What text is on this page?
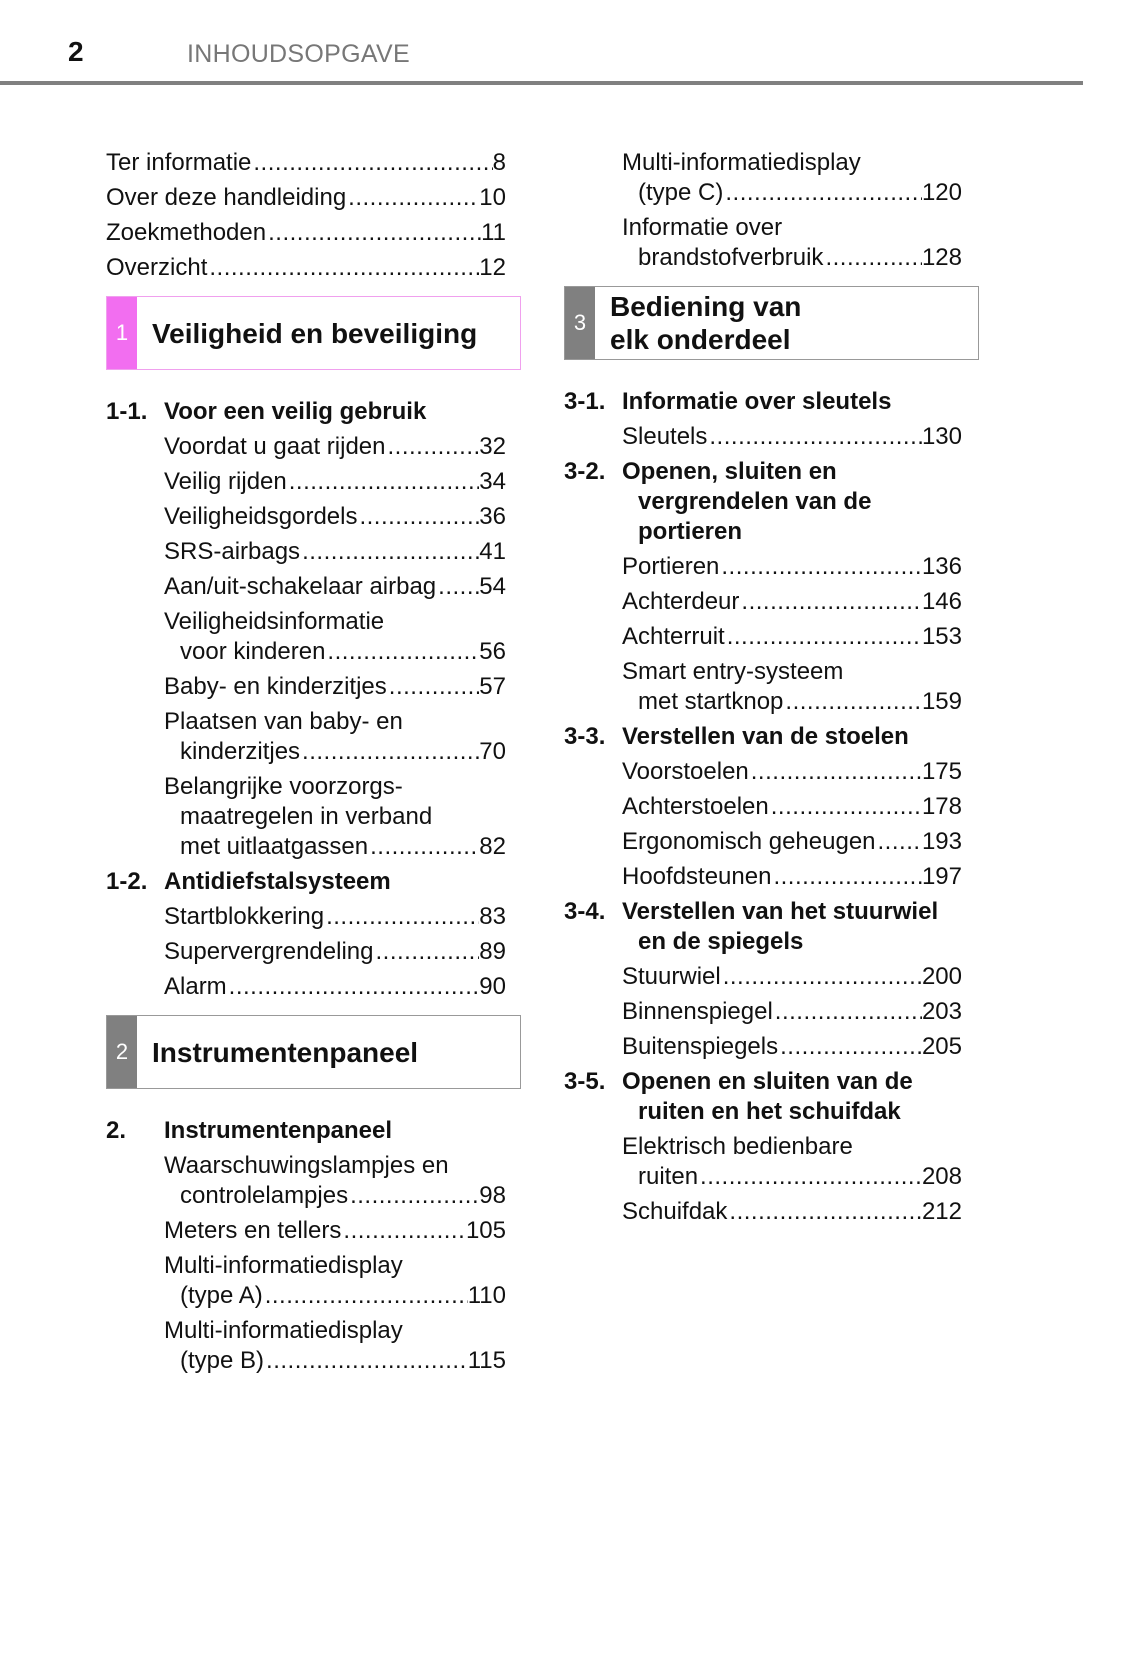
2	INHOUDSOPGAVE
Ter informatie .....	8
Over deze handleiding .....	10
Zoekmethoden .....	11
Overzicht .....	12
1 Veiligheid en beveiliging
1-1. Voor een veilig gebruik
Voordat u gaat rijden .....	32
Veilig rijden .....	34
Veiligheidsgordels .....	36
SRS-airbags .....	41
Aan/uit-schakelaar airbag ..... 54
Veiligheidsinformatie
voor kinderen .....	56
Baby- en kinderzitjes .....	57
Plaatsen van baby- en
kinderzitjes .....	70
Belangrijke voorzorgs-
maatregelen in verband
met uitlaatgassen .....	82
1-2. Antidiefstalsysteem
Startblokkering .....	83
Supervergrendeling .....	89
Alarm .....	90
2 Instrumentenpaneel
2. Instrumentenpaneel
Waarschuwingslampjes en
controlelampjes .....	98
Meters en tellers .....	105
Multi-informatiedisplay
(type A) .....	110
Multi-informatiedisplay
(type B) .....	115
Multi-informatiedisplay
(type C) .....	120
Informatie over
brandstofverbruik .....	128
3
Bediening van
elk onderdeel
3-1. Informatie over sleutels
Sleutels .....	130
3-2. Openen, sluiten en
vergrendelen van de
portieren
Portieren .....	136
Achterdeur .....	146
Achterruit .....	153
Smart entry-systeem
met startknop .....	159
3-3. Verstellen van de stoelen
Voorstoelen .....	175
Achterstoelen .....	178
Ergonomisch geheugen ..... 193
Hoofdsteunen .....	197
3-4. Verstellen van het stuurwiel
en de spiegels
Stuurwiel .....	200
Binnenspiegel .....	203
Buitenspiegels .....	205
3-5. Openen en sluiten van de
ruiten en het schuifdak
Elektrisch bedienbare
ruiten .....	208
Schuifdak .....	212
